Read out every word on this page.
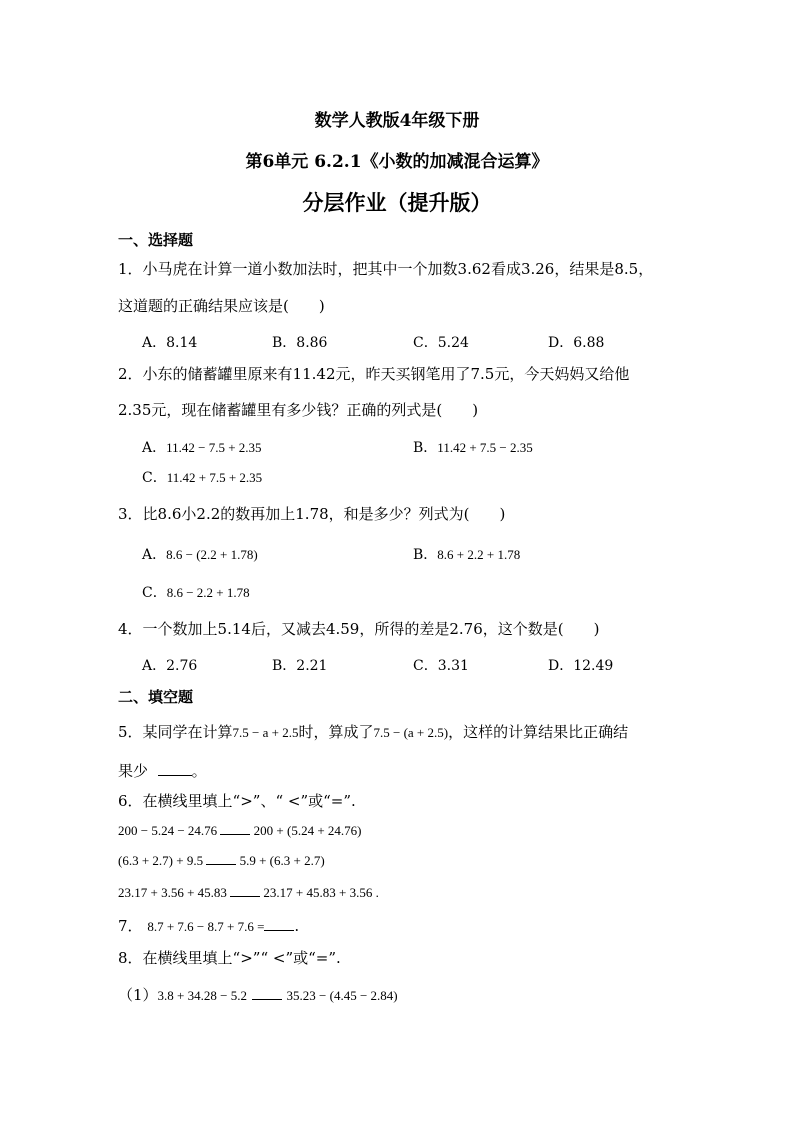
数学人教版4年级下册
第6单元 6.2.1《小数的加减混合运算》
分层作业（提升版）
一、选择题
1．小马虎在计算一道小数加法时，把其中一个加数3.62看成3.26，结果是8.5，
这道题的正确结果应该是(　　)
A．8.14	B．8.86	C．5.24	D．6.88
2．小东的储蓄罐里原来有11.42元，昨天买钢笔用了7.5元，今天妈妈又给他
2.35元，现在储蓄罐里有多少钱？正确的列式是(　　)
A．11.42 − 7.5 + 2.35	B．11.42 + 7.5 − 2.35
C．11.42 + 7.5 + 2.35
3．比8.6小2.2的数再加上1.78，和是多少？列式为(　　)
A．8.6 − (2.2 + 1.78)	B．8.6 + 2.2 + 1.78
C．8.6 − 2.2 + 1.78
4．一个数加上5.14后，又减去4.59，所得的差是2.76，这个数是(　　)
A．2.76	B．2.21	C．3.31	D．12.49
二、填空题
5．某同学在计算7.5 − a + 2.5时，算成了7.5 − (a + 2.5)，这样的计算结果比正确结
果少	。
6．在横线里填上“>”、“ <”或“=”.
200 − 5.24 − 24.76	200 + (5.24 + 24.76)
(6.3 + 2.7) + 9.5	5.9 + (6.3 + 2.7)
23.17 + 3.56 + 45.83	23.17 + 45.83 + 3.56 .
7． 8.7 + 7.6 − 8.7 + 7.6 = .
8．在横线里填上“>”“ <”或“=”.
（1）3.8 + 34.28 − 5.2	35.23 − (4.45 − 2.84)
